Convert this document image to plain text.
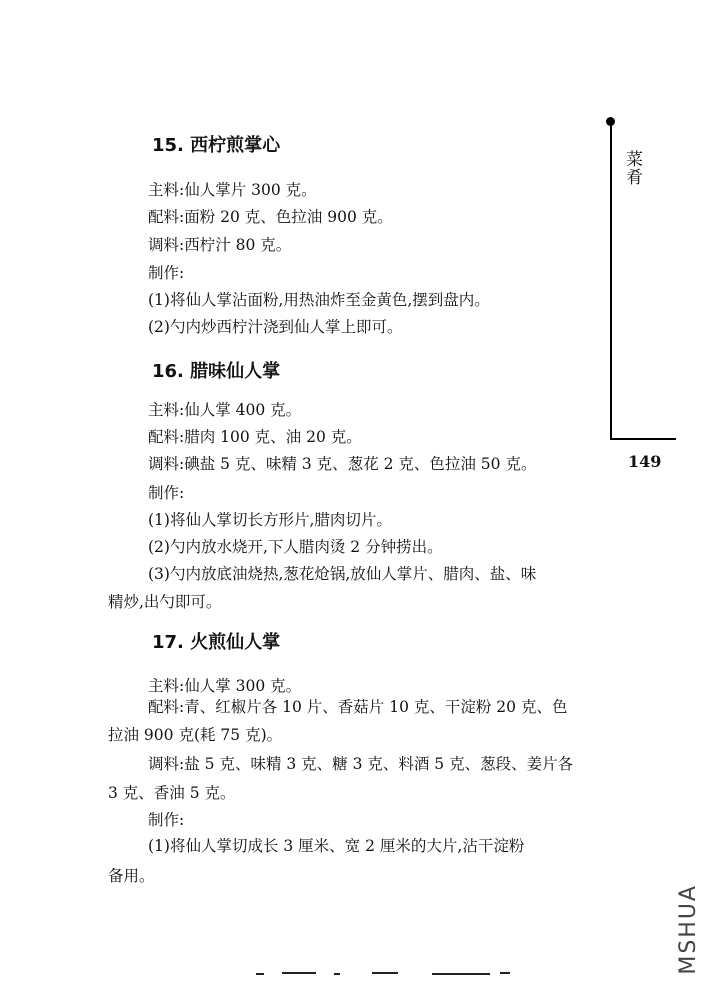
菜肴
149
15. 西柠煎掌心
主料:仙人掌片 300 克。
配料:面粉 20 克、色拉油 900 克。
调料:西柠汁 80 克。
制作:
(1)将仙人掌沾面粉,用热油炸至金黄色,摆到盘内。
(2)勺内炒西柠汁浇到仙人掌上即可。
16. 腊味仙人掌
主料:仙人掌 400 克。
配料:腊肉 100 克、油 20 克。
调料:碘盐 5 克、味精 3 克、葱花 2 克、色拉油 50 克。
制作:
(1)将仙人掌切长方形片,腊肉切片。
(2)勺内放水烧开,下人腊肉烫 2 分钟捞出。
(3)勺内放底油烧热,葱花炝锅,放仙人掌片、腊肉、盐、味
精炒,出勺即可。
17. 火煎仙人掌
主料:仙人掌 300 克。
配料:青、红椒片各 10 片、香菇片 10 克、干淀粉 20 克、色
拉油 900 克(耗 75 克)。
调料:盐 5 克、味精 3 克、糖 3 克、料酒 5 克、葱段、姜片各
3 克、香油 5 克。
制作:
(1)将仙人掌切成长 3 厘米、宽 2 厘米的大片,沾干淀粉
备用。
MSHUA
